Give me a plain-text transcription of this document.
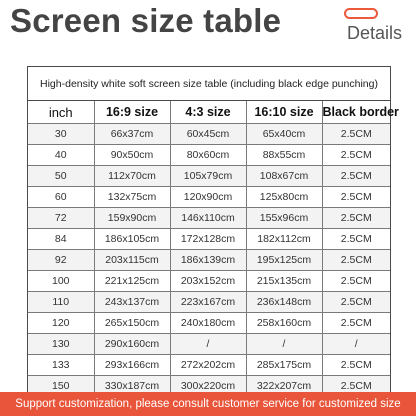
Screen size table	Details
High-density white soft screen size table (including black edge punching)
inch	16:9 size	4:3 size	16:10 size	Black border
30	66x37cm	60x45cm	65x40cm	2.5CM
40	90x50cm	80x60cm	88x55cm	2.5CM
50	112x70cm	105x79cm	108x67cm	2.5CM
60	132x75cm	120x90cm	125x80cm	2.5CM
72	159x90cm	146x110cm	155x96cm	2.5CM
84	186x105cm	172x128cm	182x112cm	2.5CM
92	203x115cm	186x139cm	195x125cm	2.5CM
100	221x125cm	203x152cm	215x135cm	2.5CM
110	243x137cm	223x167cm	236x148cm	2.5CM
120	265x150cm	240x180cm	258x160cm	2.5CM
130	290x160cm	/	/	/
133	293x166cm	272x202cm	285x175cm	2.5CM
150	330x187cm	300x220cm	322x207cm	2.5CM
Support customization, please consult customer service for customized size
